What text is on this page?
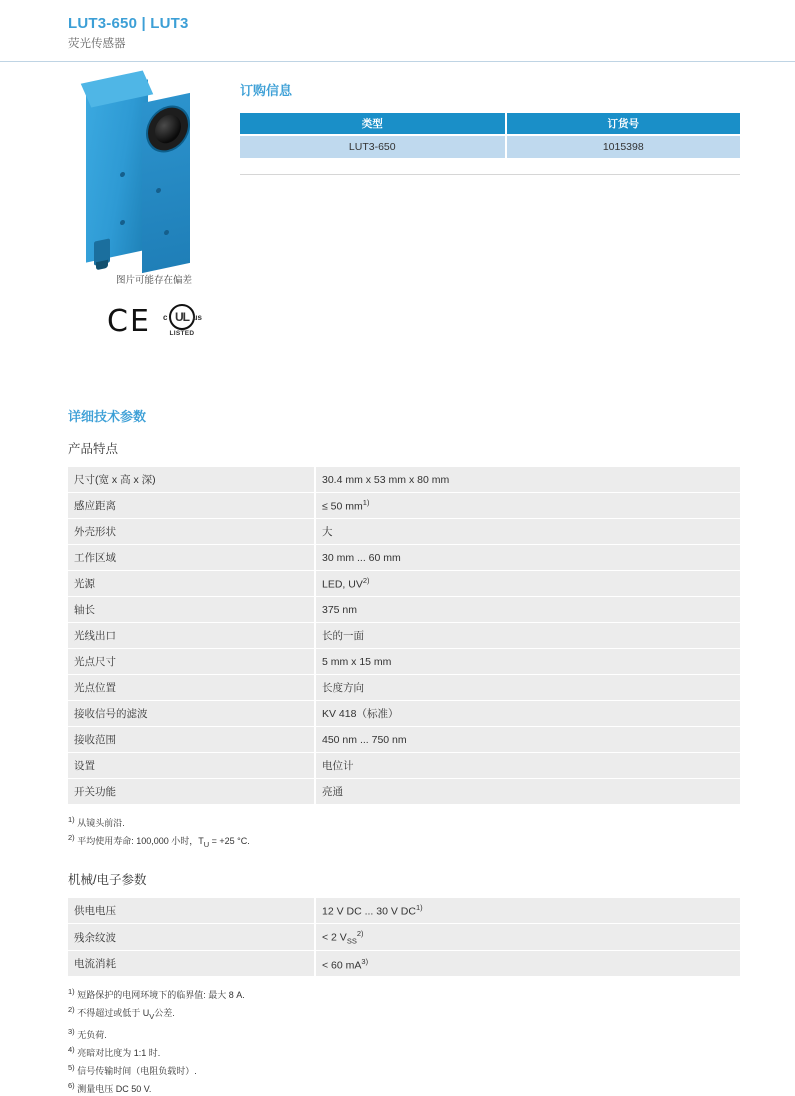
LUT3-650 | LUT3
荧光传感器
图片可能存在偏差
CE c UL us
LISTED
订购信息
类型	订货号
LUT3-650	1015398
详细技术参数
产品特点
尺寸(宽 x 高 x 深)	30.4 mm x 53 mm x 80 mm
感应距离	≤ 50 $mm^{1)}$
外壳形状	大
工作区域	30 mm ... 60 mm
光源	LED, UV$^{2)}$
轴长	375 nm
光线出口	长的一面
光点尺寸	5 mm x 15 mm
光点位置	长度方向
接收信号的滤波	KV 418（标准）
接收范围	450 nm ... 750 nm
设置	电位计
开关功能	亮通
$^{1)}$ 从镜头前沿.
$^{2)}$ 平均使用寿命: 100,000 小时，$T_U = +25$ °C.
机械/电子参数
供电电压	12 V DC ... 30 V DC$^{1)}$
残余纹波	< 2 $V_{SS}^{2)}$
电流消耗	< 60 $mA^{3)}$
$^{1)}$ 短路保护的电网环境下的临界值: 最大 8 A.
$^{2)}$ 不得超过或低于 $U_V$公差.
$^{3)}$ 无负荷.
$^{4)}$ 亮暗对比度为 1:1 时.
$^{5)}$ 信号传输时间（电阻负载时）.
$^{6)}$ 测量电压 DC 50 V.
